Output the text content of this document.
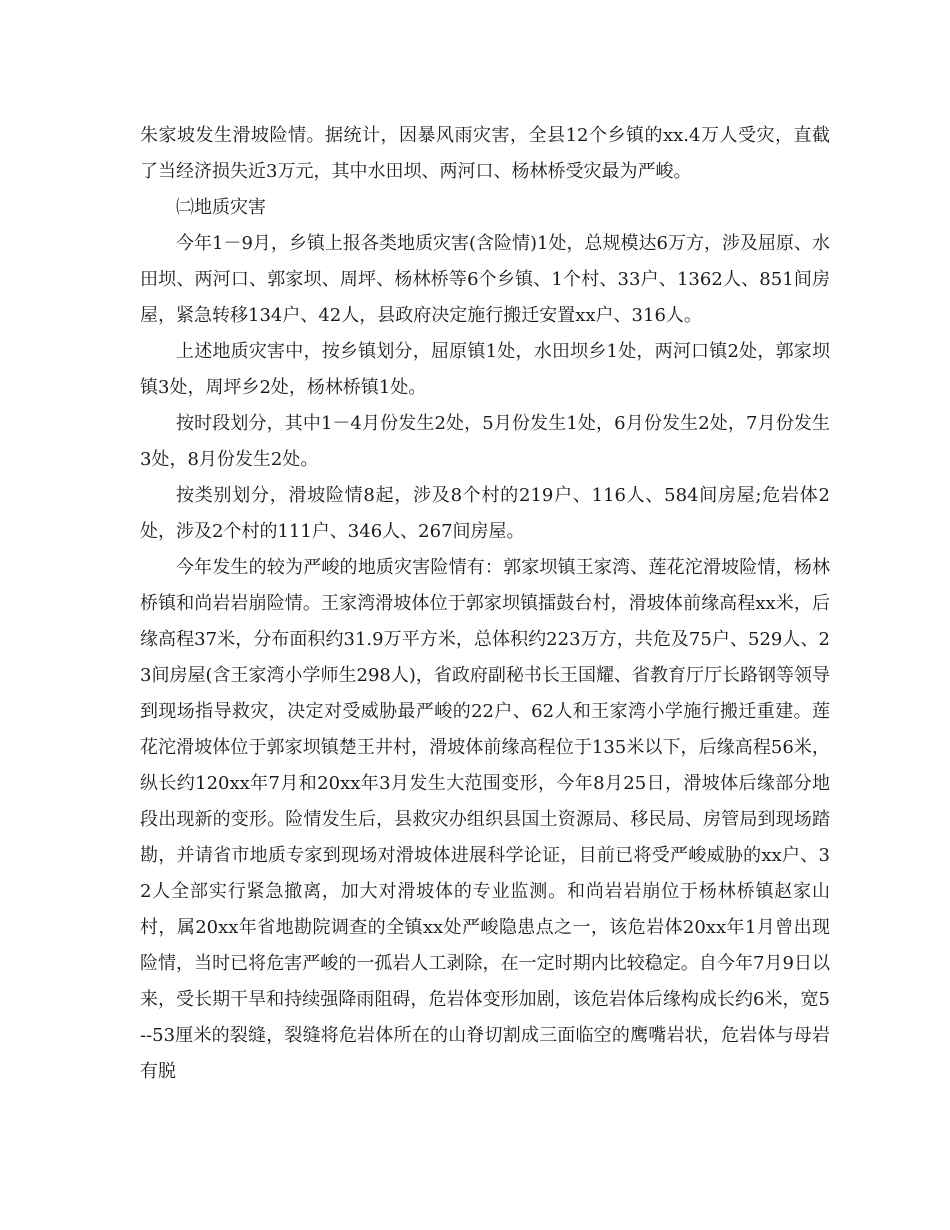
朱家坡发生滑坡险情。据统计，因暴风雨灾害，全县12个乡镇的xx.4万人受灾，直截了当经济损失近3万元，其中水田坝、两河口、杨林桥受灾最为严峻。

㈡地质灾害

今年1－9月，乡镇上报各类地质灾害(含险情)1处，总规模达6万方，涉及屈原、水田坝、两河口、郭家坝、周坪、杨林桥等6个乡镇、1个村、33户、1362人、851间房屋，紧急转移134户、42人，县政府决定施行搬迁安置xx户、316人。

上述地质灾害中，按乡镇划分，屈原镇1处，水田坝乡1处，两河口镇2处，郭家坝镇3处，周坪乡2处，杨林桥镇1处。

按时段划分，其中1－4月份发生2处，5月份发生1处，6月份发生2处，7月份发生3处，8月份发生2处。

按类别划分，滑坡险情8起，涉及8个村的219户、116人、584间房屋;危岩体2处，涉及2个村的111户、346人、267间房屋。

今年发生的较为严峻的地质灾害险情有：郭家坝镇王家湾、莲花沱滑坡险情，杨林桥镇和尚岩岩崩险情。王家湾滑坡体位于郭家坝镇擂鼓台村，滑坡体前缘高程xx米，后缘高程37米，分布面积约31.9万平方米，总体积约223万方，共危及75户、529人、23间房屋(含王家湾小学师生298人)，省政府副秘书长王国耀、省教育厅厅长路钢等领导到现场指导救灾，决定对受威胁最严峻的22户、62人和王家湾小学施行搬迁重建。莲花沱滑坡体位于郭家坝镇楚王井村，滑坡体前缘高程位于135米以下，后缘高程56米，纵长约120xx年7月和20xx年3月发生大范围变形，今年8月25日，滑坡体后缘部分地段出现新的变形。险情发生后，县救灾办组织县国土资源局、移民局、房管局到现场踏勘，并请省市地质专家到现场对滑坡体进展科学论证，目前已将受严峻威胁的xx户、32人全部实行紧急撤离，加大对滑坡体的专业监测。和尚岩岩崩位于杨林桥镇赵家山村，属20xx年省地勘院调查的全镇xx处严峻隐患点之一，该危岩体20xx年1月曾出现险情，当时已将危害严峻的一孤岩人工剥除，在一定时期内比较稳定。自今年7月9日以来，受长期干旱和持续强降雨阻碍，危岩体变形加剧，该危岩体后缘构成长约6米，宽5--53厘米的裂缝，裂缝将危岩体所在的山脊切割成三面临空的鹰嘴岩状，危岩体与母岩有脱
